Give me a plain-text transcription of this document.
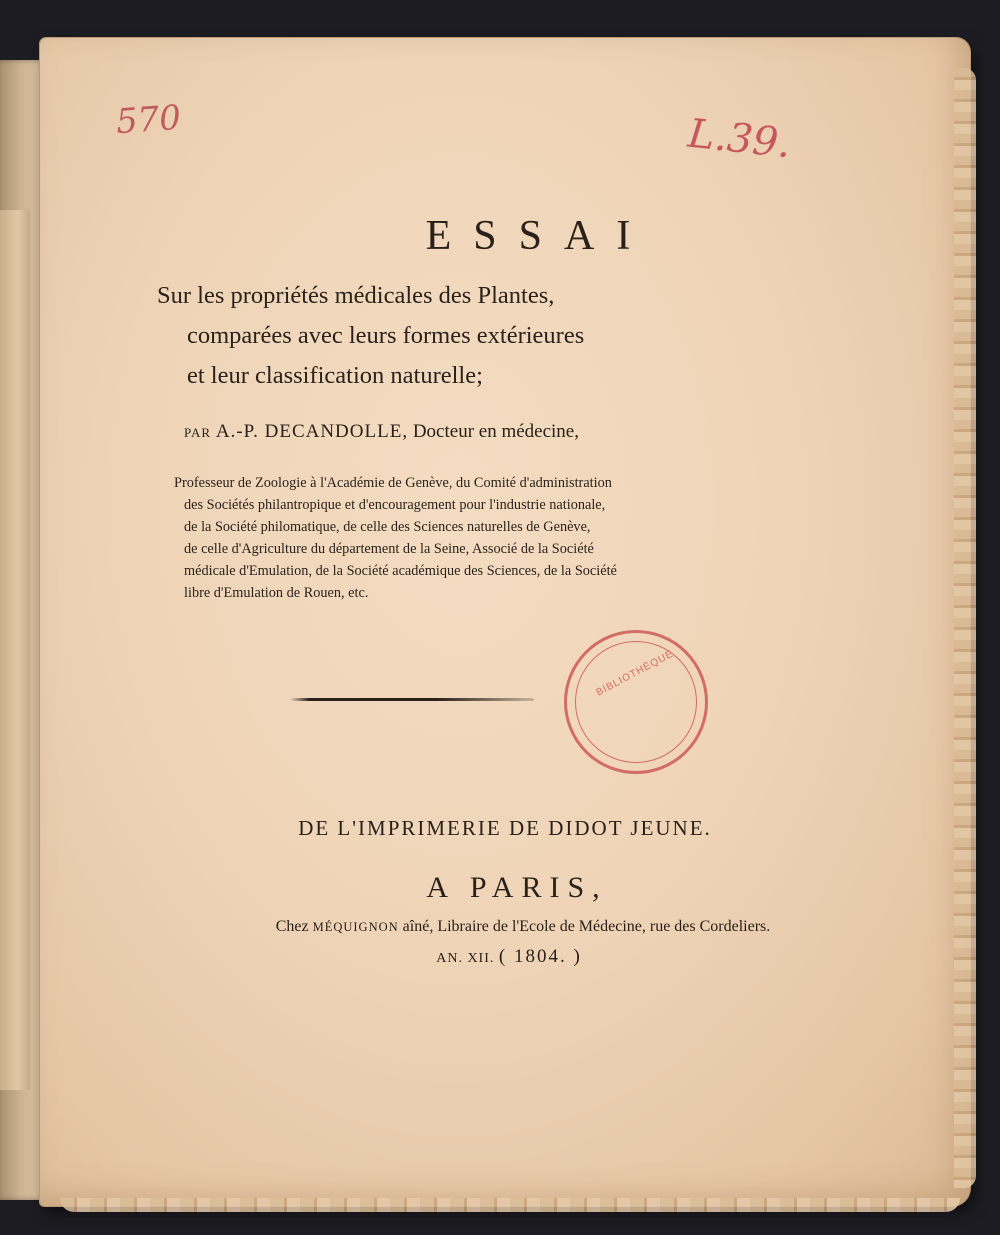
570	L.39.
ESSAI
Sur les propriétés médicales des Plantes,
comparées avec leurs formes extérieures
et leur classification naturelle;
PAR A.-P. DECANDOLLE, Docteur en médecine,
Professeur de Zoologie à l'Académie de Genève, du Comité d'administration
des Sociétés philantropique et d'encouragement pour l'industrie nationale,
de la Société philomatique, de celle des Sciences naturelles de Genève,
de celle d'Agriculture du département de la Seine, Associé de la Société
médicale d'Emulation, de la Société académique des Sciences, de la Société
libre d'Emulation de Rouen, etc.
BIBLIOTHÈQUE
DE L'IMPRIMERIE DE DIDOT JEUNE.
A PARIS,
Chez MÉQUIGNON aîné, Libraire de l'Ecole de Médecine, rue des Cordeliers.
AN. XII. ( 1804. )
